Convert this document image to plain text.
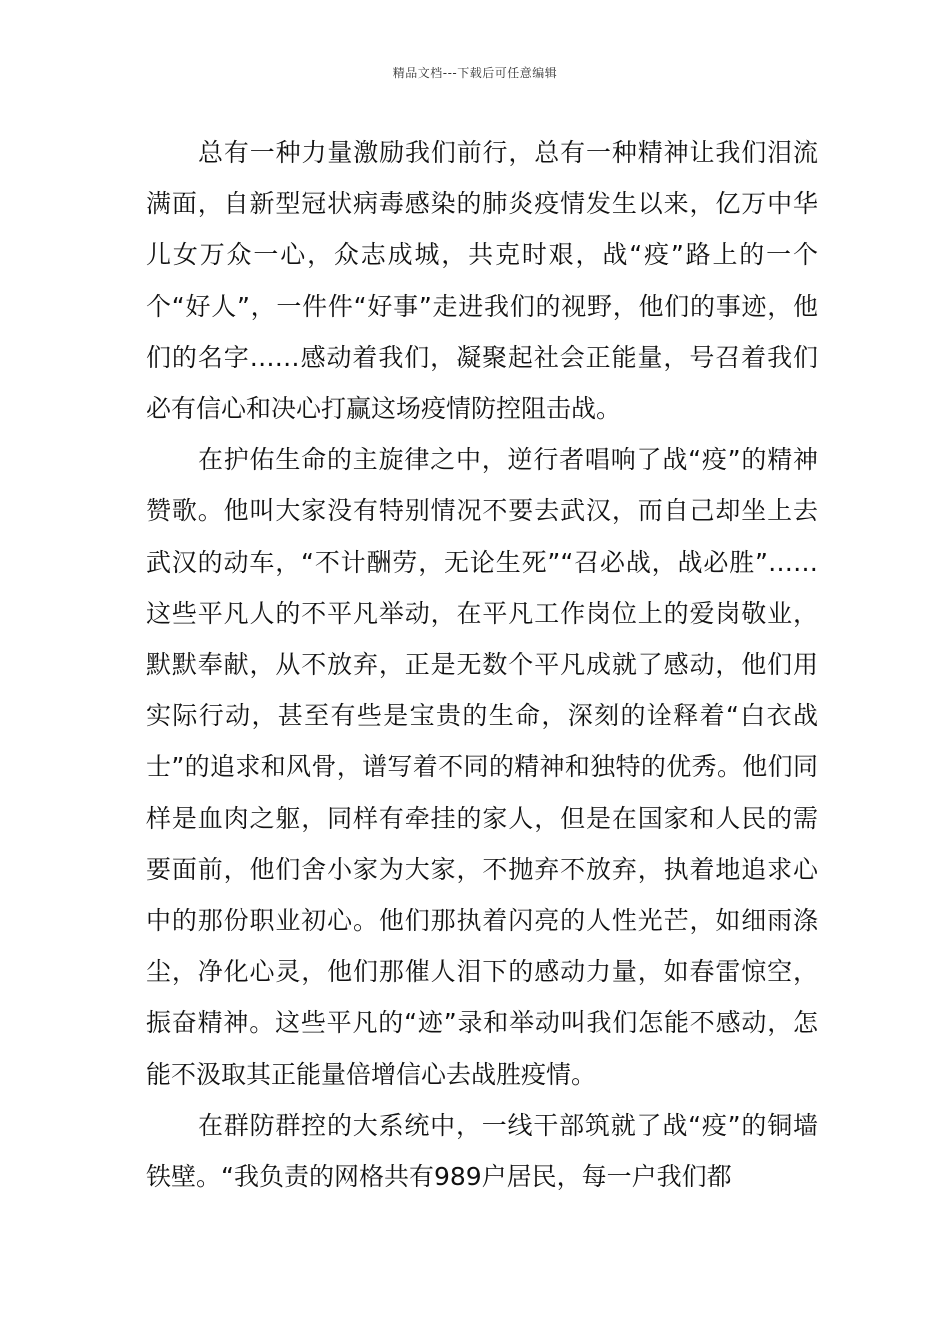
精品文档---下载后可任意编辑

总有一种力量激励我们前行，总有一种精神让我们泪流满面，自新型冠状病毒感染的肺炎疫情发生以来，亿万中华儿女万众一心，众志成城，共克时艰，战“疫”路上的一个个“好人”，一件件“好事”走进我们的视野，他们的事迹，他们的名字……感动着我们，凝聚起社会正能量，号召着我们必有信心和决心打赢这场疫情防控阻击战。

在护佑生命的主旋律之中，逆行者唱响了战“疫”的精神赞歌。他叫大家没有特别情况不要去武汉，而自己却坐上去武汉的动车，“不计酬劳，无论生死”“召必战，战必胜”……这些平凡人的不平凡举动，在平凡工作岗位上的爱岗敬业，默默奉献，从不放弃，正是无数个平凡成就了感动，他们用实际行动，甚至有些是宝贵的生命，深刻的诠释着“白衣战士”的追求和风骨，谱写着不同的精神和独特的优秀。他们同样是血肉之躯，同样有牵挂的家人，但是在国家和人民的需要面前，他们舍小家为大家，不抛弃不放弃，执着地追求心中的那份职业初心。他们那执着闪亮的人性光芒，如细雨涤尘，净化心灵，他们那催人泪下的感动力量，如春雷惊空，振奋精神。这些平凡的“迹”录和举动叫我们怎能不感动，怎能不汲取其正能量倍增信心去战胜疫情。

在群防群控的大系统中，一线干部筑就了战“疫”的铜墙铁壁。“我负责的网格共有989户居民，每一户我们都
